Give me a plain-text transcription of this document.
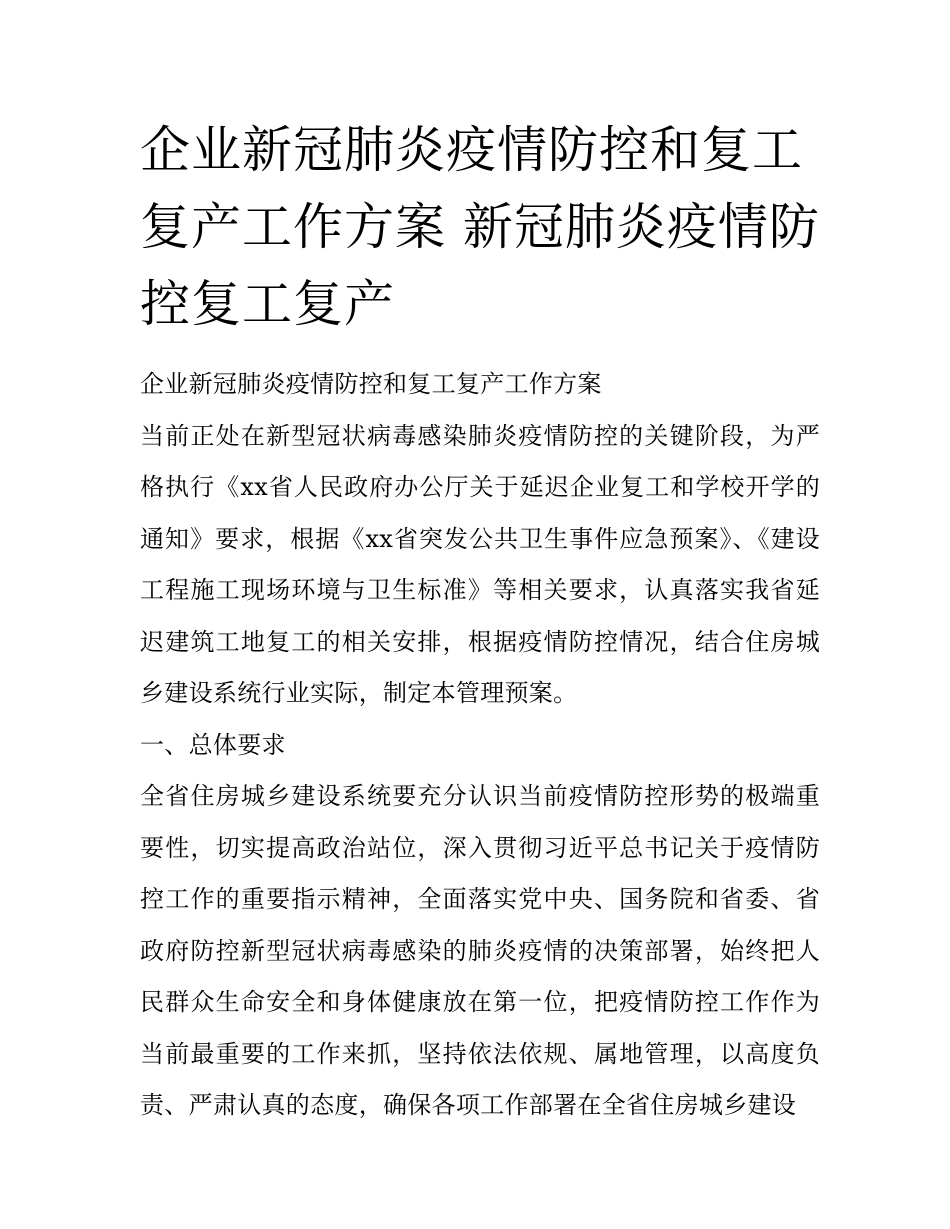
企业新冠肺炎疫情防控和复工复产工作方案 新冠肺炎疫情防控复工复产

企业新冠肺炎疫情防控和复工复产工作方案

当前正处在新型冠状病毒感染肺炎疫情防控的关键阶段，为严格执行《xx省人民政府办公厅关于延迟企业复工和学校开学的通知》要求，根据《xx省突发公共卫生事件应急预案》、《建设工程施工现场环境与卫生标准》等相关要求，认真落实我省延迟建筑工地复工的相关安排，根据疫情防控情况，结合住房城乡建设系统行业实际，制定本管理预案。

一、总体要求

全省住房城乡建设系统要充分认识当前疫情防控形势的极端重要性，切实提高政治站位，深入贯彻习近平总书记关于疫情防控工作的重要指示精神，全面落实党中央、国务院和省委、省政府防控新型冠状病毒感染的肺炎疫情的决策部署，始终把人民群众生命安全和身体健康放在第一位，把疫情防控工作作为当前最重要的工作来抓，坚持依法依规、属地管理，以高度负责、严肃认真的态度，确保各项工作部署在全省住房城乡建设
